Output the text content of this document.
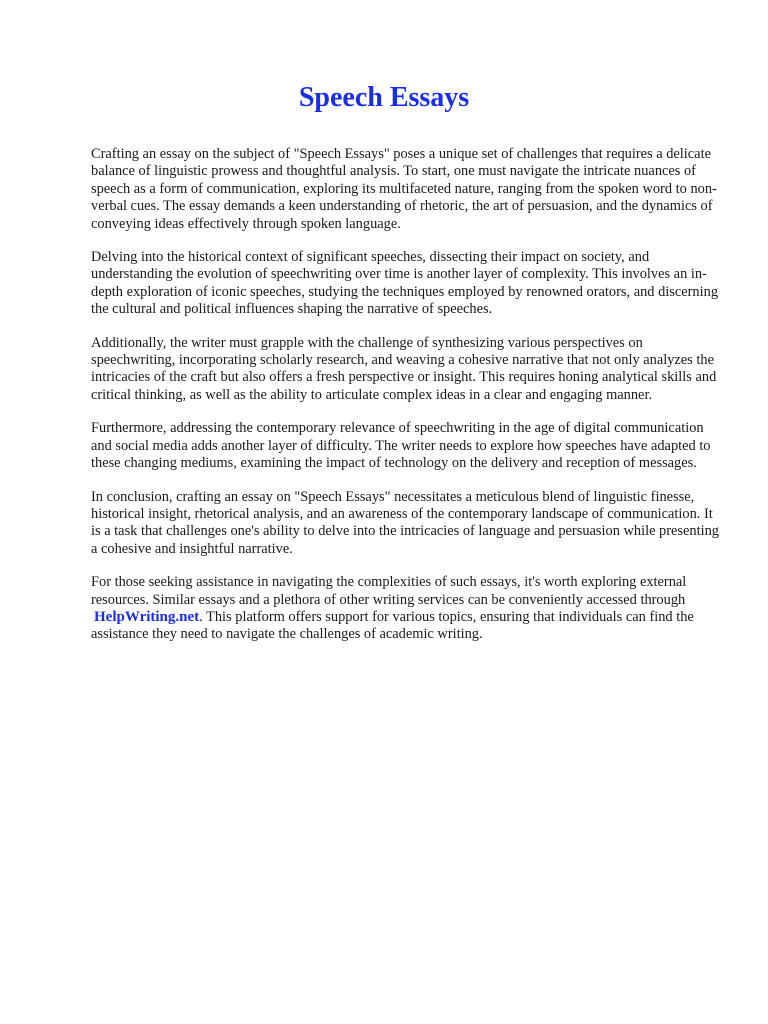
Speech Essays

Crafting an essay on the subject of "Speech Essays" poses a unique set of challenges that requires a delicate balance of linguistic prowess and thoughtful analysis. To start, one must navigate the intricate nuances of speech as a form of communication, exploring its multifaceted nature, ranging from the spoken word to non-verbal cues. The essay demands a keen understanding of rhetoric, the art of persuasion, and the dynamics of conveying ideas effectively through spoken language.

Delving into the historical context of significant speeches, dissecting their impact on society, and understanding the evolution of speechwriting over time is another layer of complexity. This involves an in-depth exploration of iconic speeches, studying the techniques employed by renowned orators, and discerning the cultural and political influences shaping the narrative of speeches.

Additionally, the writer must grapple with the challenge of synthesizing various perspectives on speechwriting, incorporating scholarly research, and weaving a cohesive narrative that not only analyzes the intricacies of the craft but also offers a fresh perspective or insight. This requires honing analytical skills and critical thinking, as well as the ability to articulate complex ideas in a clear and engaging manner.

Furthermore, addressing the contemporary relevance of speechwriting in the age of digital communication and social media adds another layer of difficulty. The writer needs to explore how speeches have adapted to these changing mediums, examining the impact of technology on the delivery and reception of messages.

In conclusion, crafting an essay on "Speech Essays" necessitates a meticulous blend of linguistic finesse, historical insight, rhetorical analysis, and an awareness of the contemporary landscape of communication. It is a task that challenges one's ability to delve into the intricacies of language and persuasion while presenting a cohesive and insightful narrative.

For those seeking assistance in navigating the complexities of such essays, it's worth exploring external resources. Similar essays and a plethora of other writing services can be conveniently accessed through HelpWriting.net. This platform offers support for various topics, ensuring that individuals can find the assistance they need to navigate the challenges of academic writing.
